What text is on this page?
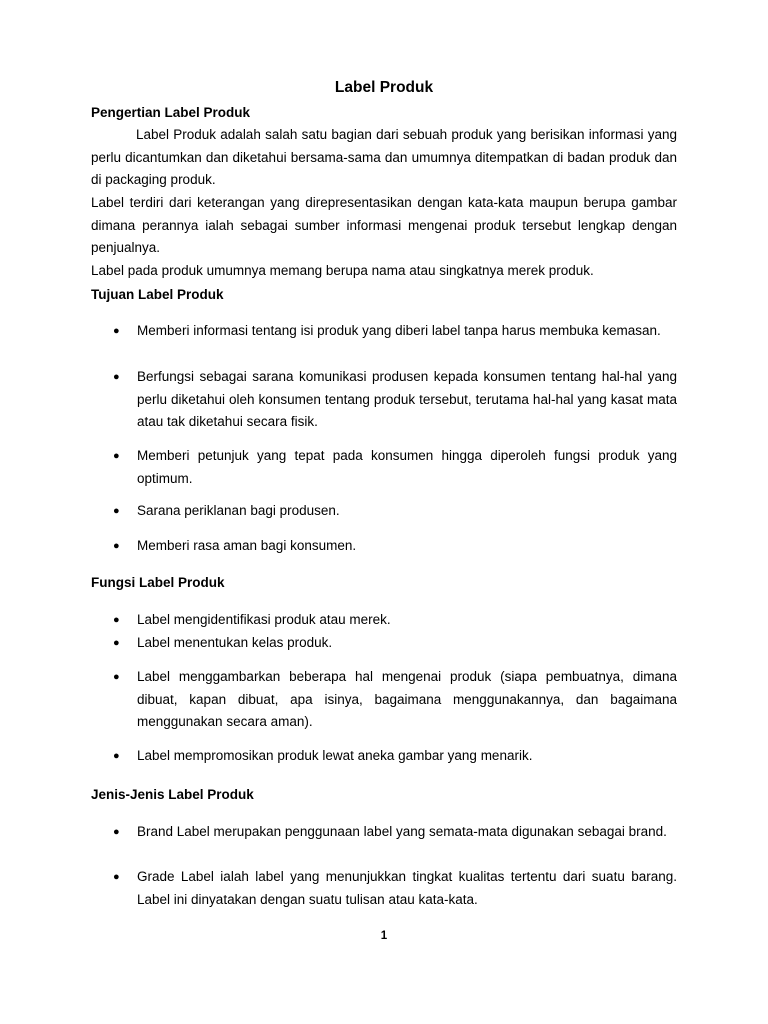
Label Produk
Pengertian Label Produk

Label Produk adalah salah satu bagian dari sebuah produk yang berisikan informasi yang perlu dicantumkan dan diketahui bersama-sama dan umumnya ditempatkan di badan produk dan di packaging produk.

Label terdiri dari keterangan yang direpresentasikan dengan kata-kata maupun berupa gambar dimana perannya ialah sebagai sumber informasi mengenai produk tersebut lengkap dengan penjualnya.

Label pada produk umumnya memang berupa nama atau singkatnya merek produk.

Tujuan Label Produk
● Memberi informasi tentang isi produk yang diberi label tanpa harus membuka kemasan.
● Berfungsi sebagai sarana komunikasi produsen kepada konsumen tentang hal-hal yang perlu diketahui oleh konsumen tentang produk tersebut, terutama hal-hal yang kasat mata atau tak diketahui secara fisik.
● Memberi petunjuk yang tepat pada konsumen hingga diperoleh fungsi produk yang optimum.
● Sarana periklanan bagi produsen.
● Memberi rasa aman bagi konsumen.
Fungsi Label Produk
● Label mengidentifikasi produk atau merek.
● Label menentukan kelas produk.
● Label menggambarkan beberapa hal mengenai produk (siapa pembuatnya, dimana dibuat, kapan dibuat, apa isinya, bagaimana menggunakannya, dan bagaimana menggunakan secara aman).
● Label mempromosikan produk lewat aneka gambar yang menarik.
Jenis-Jenis Label Produk
● Brand Label merupakan penggunaan label yang semata-mata digunakan sebagai brand.
● Grade Label ialah label yang menunjukkan tingkat kualitas tertentu dari suatu barang. Label ini dinyatakan dengan suatu tulisan atau kata-kata.
1
